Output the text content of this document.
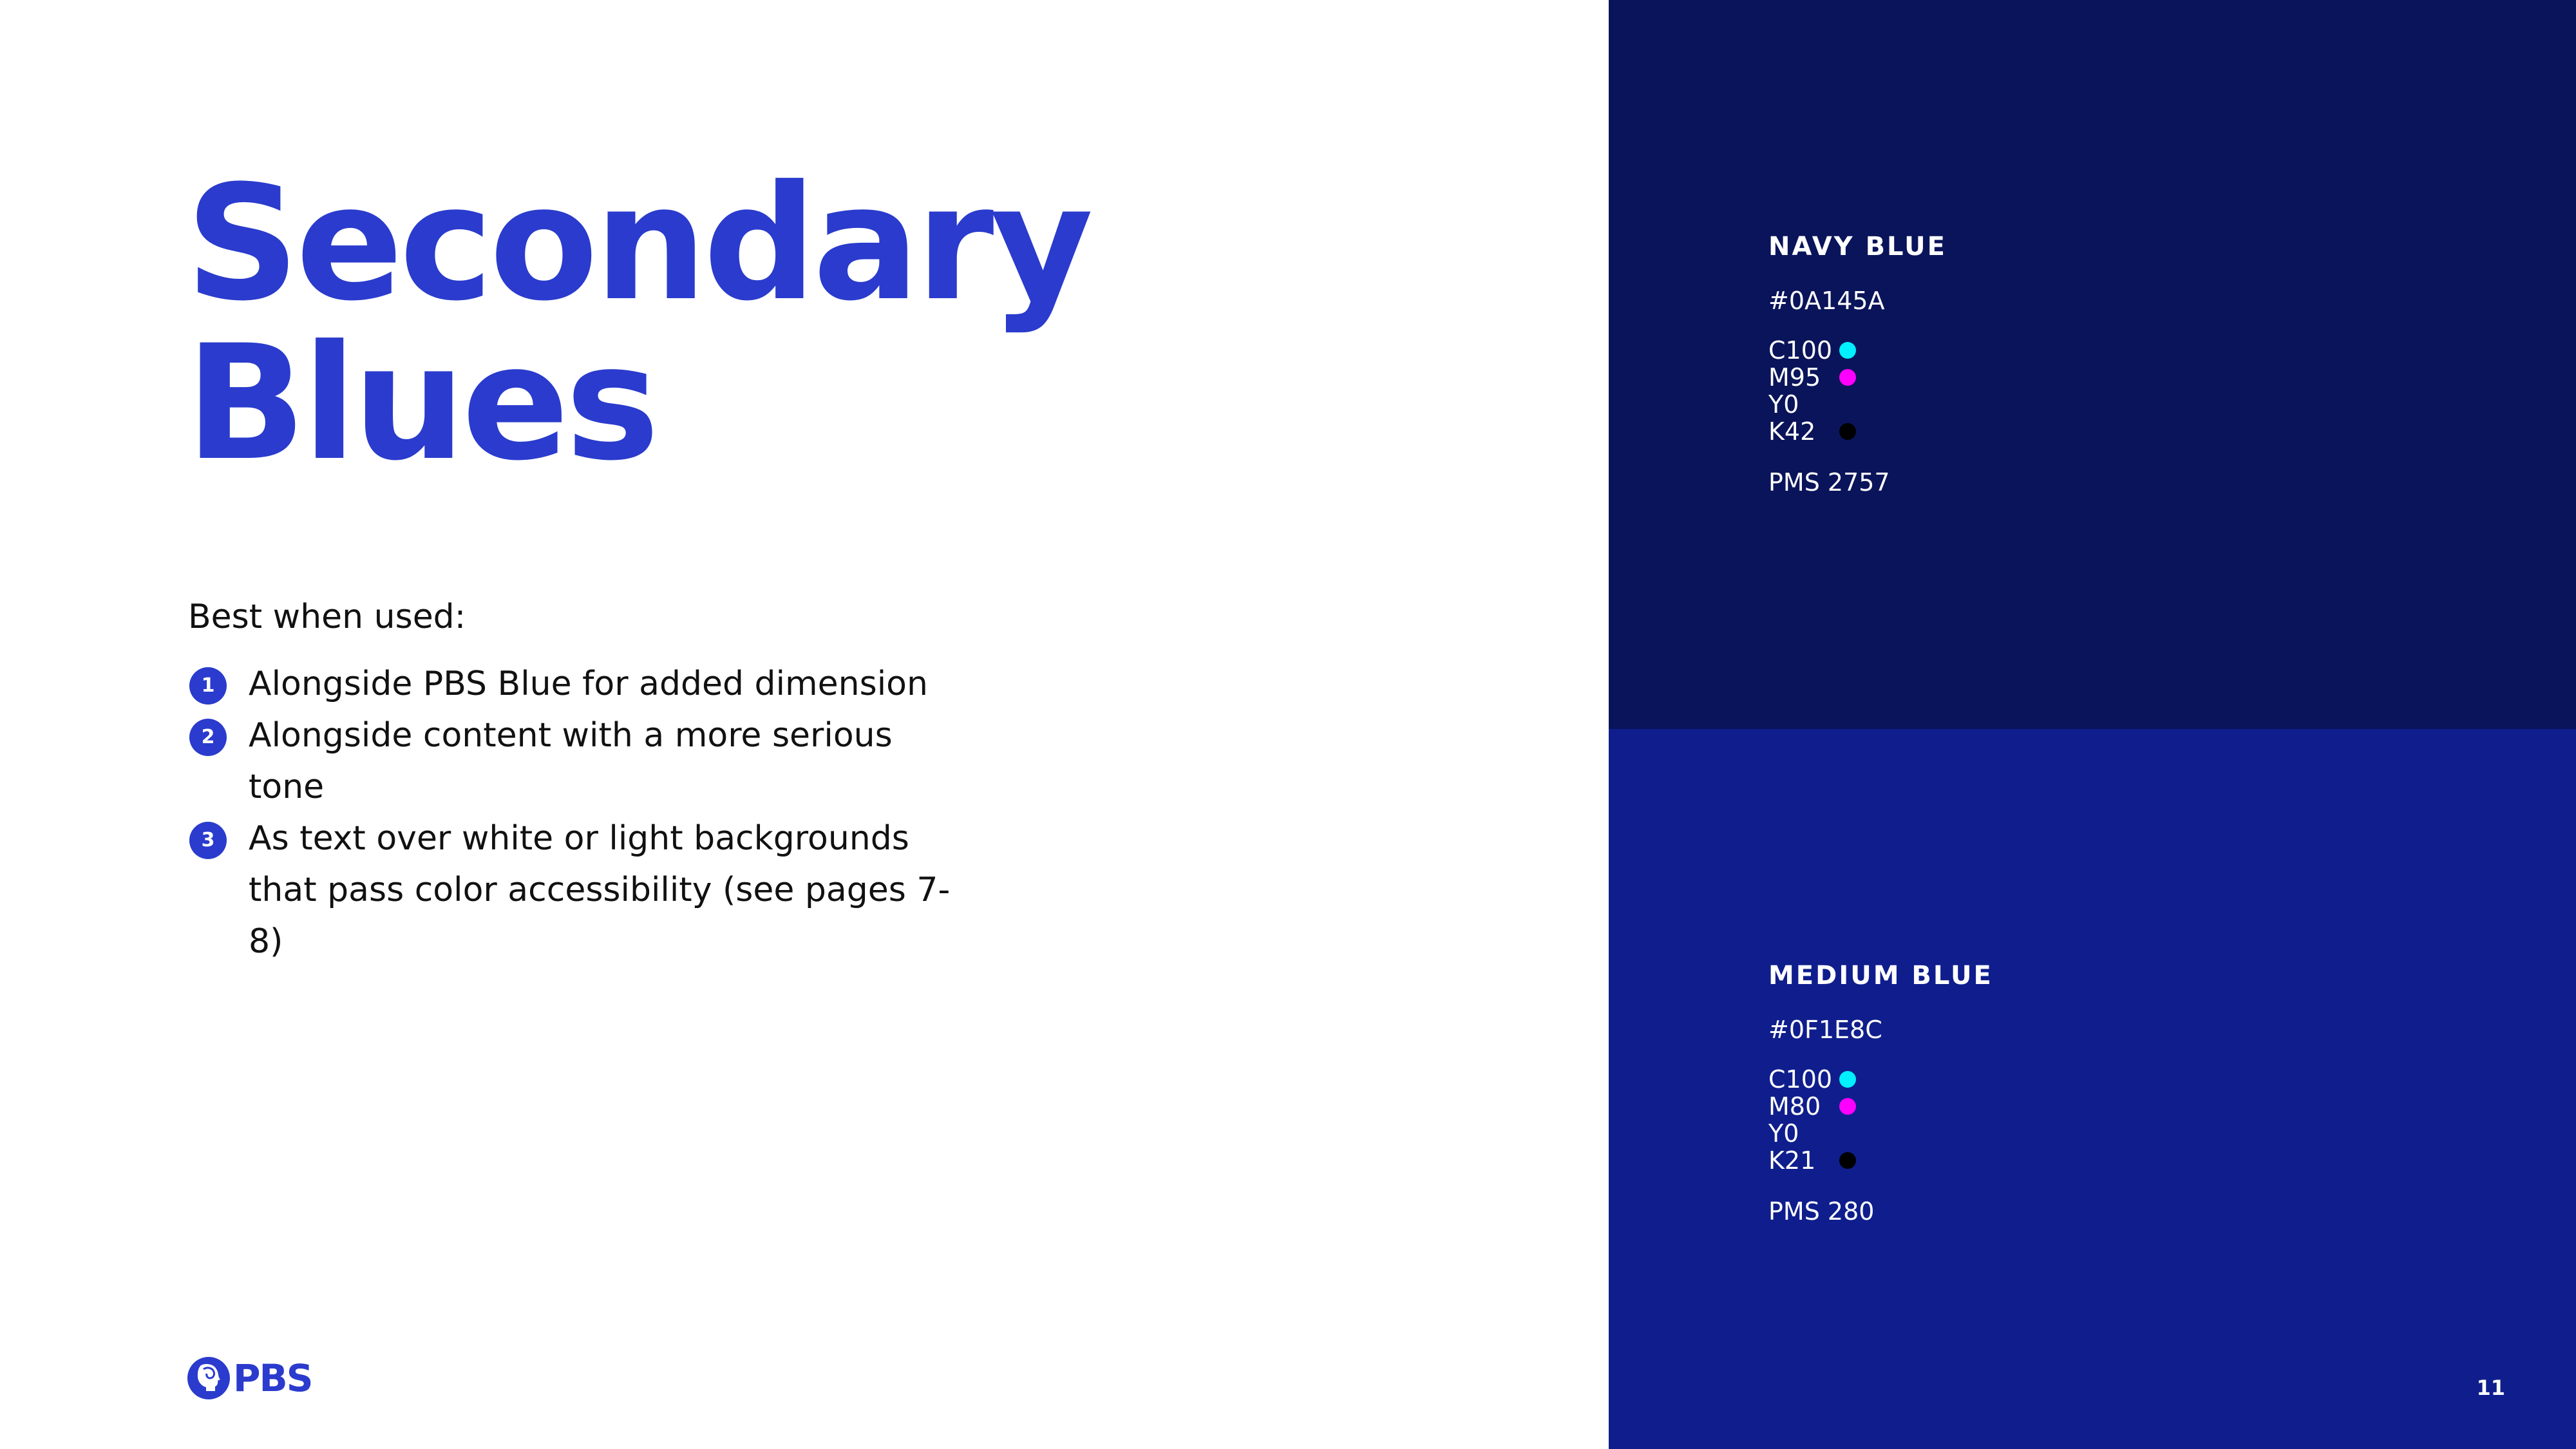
Secondary
Blues

Best when used:

1	Alongside PBS Blue for added dimension
2	Alongside content with a more serious tone
3	As text over white or light backgrounds that pass color accessibility (see pages 7-8)
PBS
NAVY BLUE
#0A145A
C100
M95
Y0
K42
PMS 2757
MEDIUM BLUE
#0F1E8C
C100
M80
Y0
K21
PMS 280
11
